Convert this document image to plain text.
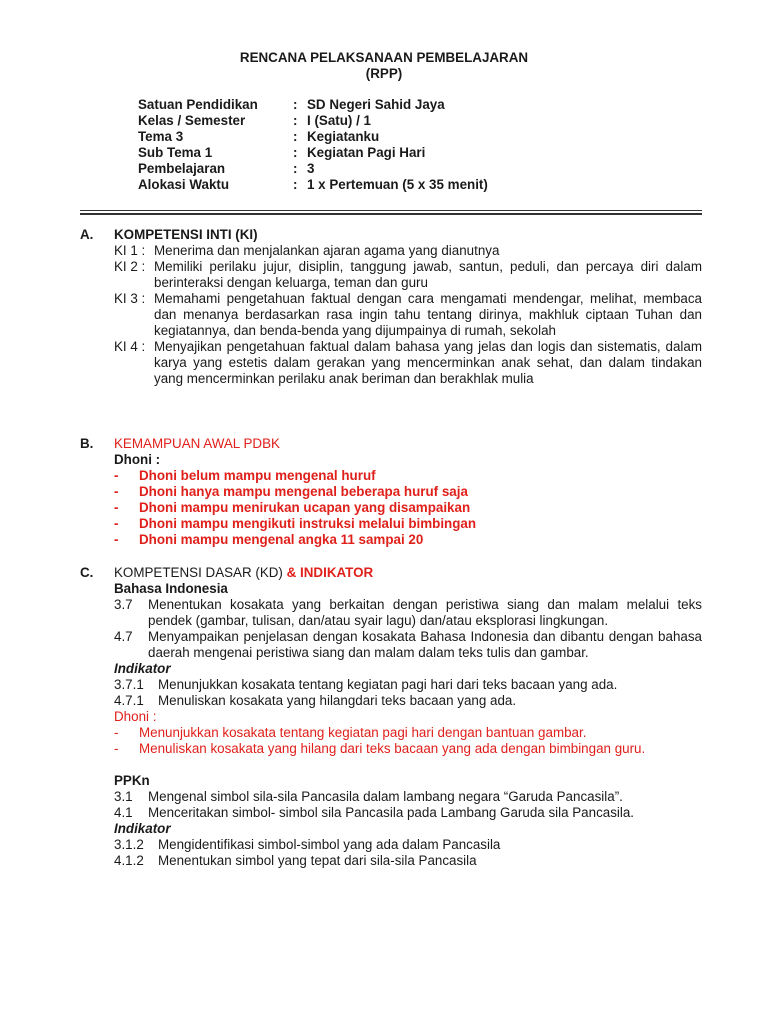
RENCANA PELAKSANAAN PEMBELAJARAN
(RPP)
Satuan Pendidikan	: SD Negeri Sahid Jaya
Kelas / Semester	: I (Satu) / 1
Tema 3	: Kegiatanku
Sub Tema 1	: Kegiatan Pagi Hari
Pembelajaran	: 3
Alokasi Waktu	: 1 x Pertemuan (5 x 35 menit)
A.	KOMPETENSI INTI (KI)
KI 1 : Menerima dan menjalankan ajaran agama yang dianutnya
KI 2 : Memiliki perilaku jujur, disiplin, tanggung jawab, santun, peduli, dan percaya diri dalam berinteraksi dengan keluarga, teman dan guru
KI 3 : Memahami pengetahuan faktual dengan cara mengamati mendengar, melihat, membaca dan menanya berdasarkan rasa ingin tahu tentang dirinya, makhluk ciptaan Tuhan dan kegiatannya, dan benda-benda yang dijumpainya di rumah, sekolah
KI 4 : Menyajikan pengetahuan faktual dalam bahasa yang jelas dan logis dan sistematis, dalam karya yang estetis dalam gerakan yang mencerminkan anak sehat, dan dalam tindakan yang mencerminkan perilaku anak beriman dan berakhlak mulia
B.	KEMAMPUAN AWAL PDBK
Dhoni :
-	Dhoni belum mampu mengenal huruf
-	Dhoni hanya mampu mengenal beberapa huruf saja
-	Dhoni mampu menirukan ucapan yang disampaikan
-	Dhoni mampu mengikuti instruksi melalui bimbingan
-	Dhoni mampu mengenal angka 11 sampai 20
C.	KOMPETENSI DASAR (KD)
& INDIKATOR
Bahasa Indonesia
3.7	Menentukan kosakata yang berkaitan dengan peristiwa siang dan malam melalui teks pendek (gambar, tulisan, dan/atau syair lagu) dan/atau eksplorasi lingkungan.
4.7	Menyampaikan penjelasan dengan kosakata Bahasa Indonesia dan dibantu dengan bahasa daerah mengenai peristiwa siang dan malam dalam teks tulis dan gambar.
Indikator
3.7.1	Menunjukkan kosakata tentang kegiatan pagi hari dari teks bacaan yang ada.
4.7.1	Menuliskan kosakata yang hilangdari teks bacaan yang ada.
Dhoni :
-	Menunjukkan kosakata tentang kegiatan pagi hari dengan bantuan gambar.
-	Menuliskan kosakata yang hilang dari teks bacaan yang ada dengan bimbingan guru.
PPKn
3.1	Mengenal simbol sila-sila Pancasila dalam lambang negara “Garuda Pancasila”.
4.1	Menceritakan simbol- simbol sila Pancasila pada Lambang Garuda sila Pancasila.
Indikator
3.1.2	Mengidentifikasi simbol-simbol yang ada dalam Pancasila
4.1.2	Menentukan simbol yang tepat dari sila-sila Pancasila
